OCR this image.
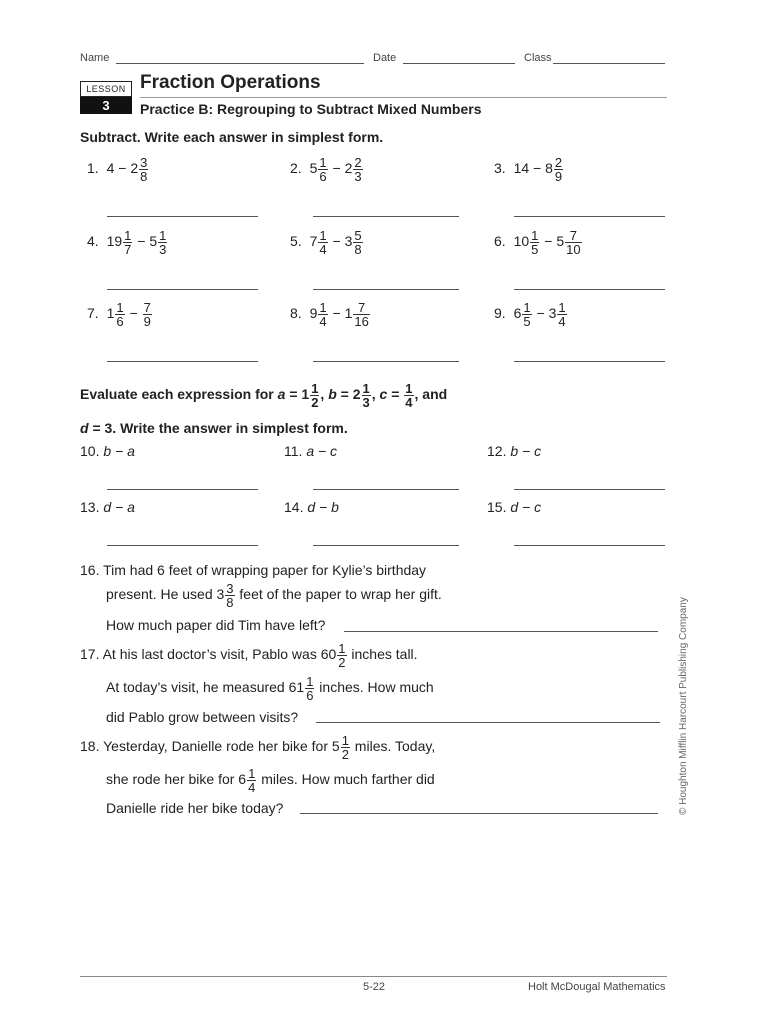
Name	Date	Class
LESSON
3
Fraction Operations
Practice B: Regrouping to Subtract Mixed Numbers
Subtract. Write each answer in simplest form.
1. $4 - 2 \frac{3}{8}$	2. $5 \frac{1}{6} - 2 \frac{2}{3}$	3. $14 - 8 \frac{2}{9}$
4. $19 \frac{1}{7} - 5 \frac{1}{3}$	5. $7 \frac{1}{4} - 3 \frac{5}{8}$	6. $10 \frac{1}{5} - 5 \frac{7}{10}$
7. $1 \frac{1}{6} - \frac{7}{9}$	8. $9 \frac{1}{4} - 1 \frac{7}{16}$	9. $6 \frac{1}{5} - 3 \frac{1}{4}$
Evaluate each expression for $a = 1 \frac{1}{2}$ , $b = 2 \frac{1}{3}$ , $c = \frac{1}{4}$ , and
d = 3. Write the answer in simplest form.
10. b − a	11. a − c	12. b − c
13. d − a	14. d − b	15. d − c
16. Tim had 6 feet of wrapping paper for Kylie’s birthday
present. He used $3 \frac{3}{8}$ feet of the paper to wrap her gift.
How much paper did Tim have left?
17. At his last doctor’s visit, Pablo was $60 \frac{1}{2}$ inches tall.
At today’s visit, he measured $61 \frac{1}{6}$ inches. How much
did Pablo grow between visits?
18. Yesterday, Danielle rode her bike for $5 \frac{1}{2}$ miles. Today,
she rode her bike for $6 \frac{1}{4}$ miles. How much farther did
Danielle ride her bike today?	© Houghton Mifflin Harcourt Publishing Company
5-22	Holt McDougal Mathematics
